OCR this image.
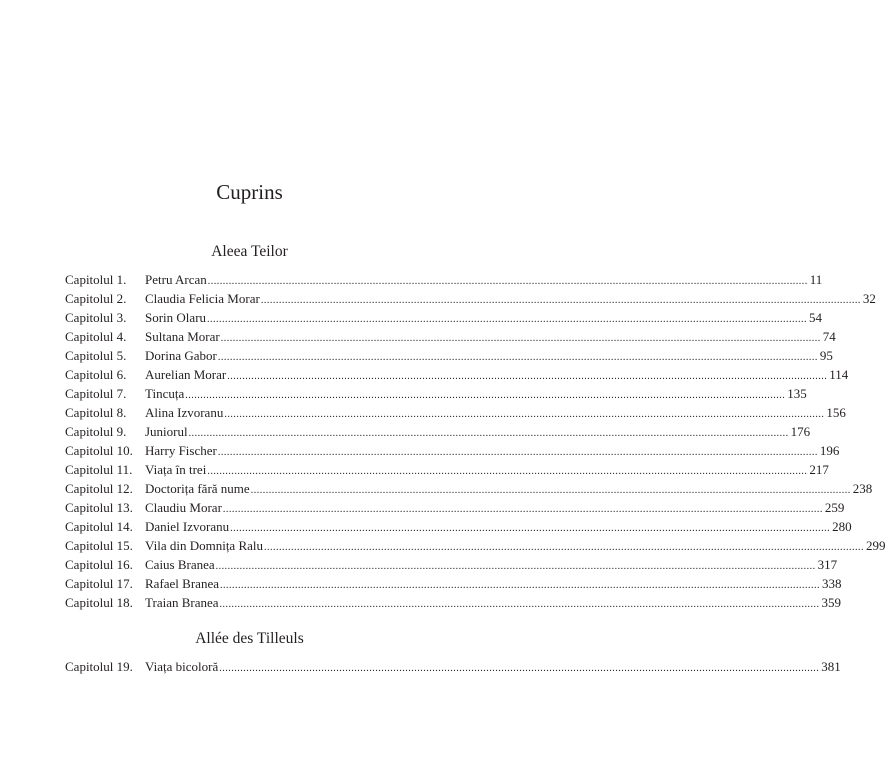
Cuprins
Aleea Teilor
Capitolul 1.	Petru Arcan ........................................................................................................................................................................................................ 11
Capitolul 2.	Claudia Felicia Morar ........................................................................................................................................................................................................ 32
Capitolul 3.	Sorin Olaru ........................................................................................................................................................................................................ 54
Capitolul 4.	Sultana Morar ........................................................................................................................................................................................................ 74
Capitolul 5.	Dorina Gabor ........................................................................................................................................................................................................ 95
Capitolul 6.	Aurelian Morar ........................................................................................................................................................................................................ 114
Capitolul 7.	Tincuța ........................................................................................................................................................................................................ 135
Capitolul 8.	Alina Izvoranu ........................................................................................................................................................................................................ 156
Capitolul 9.	Juniorul ........................................................................................................................................................................................................ 176
Capitolul 10. Harry Fischer ........................................................................................................................................................................................................ 196
Capitolul 11. Viața în trei ........................................................................................................................................................................................................ 217
Capitolul 12. Doctorița fără nume ........................................................................................................................................................................................................ 238
Capitolul 13. Claudiu Morar ........................................................................................................................................................................................................ 259
Capitolul 14. Daniel Izvoranu ........................................................................................................................................................................................................ 280
Capitolul 15. Vila din Domnița Ralu ........................................................................................................................................................................................................ 299
Capitolul 16. Caius Branea ........................................................................................................................................................................................................ 317
Capitolul 17. Rafael Branea ........................................................................................................................................................................................................ 338
Capitolul 18. Traian Branea ........................................................................................................................................................................................................ 359
Allée des Tilleuls
Capitolul 19. Viața bicoloră ........................................................................................................................................................................................................ 381
